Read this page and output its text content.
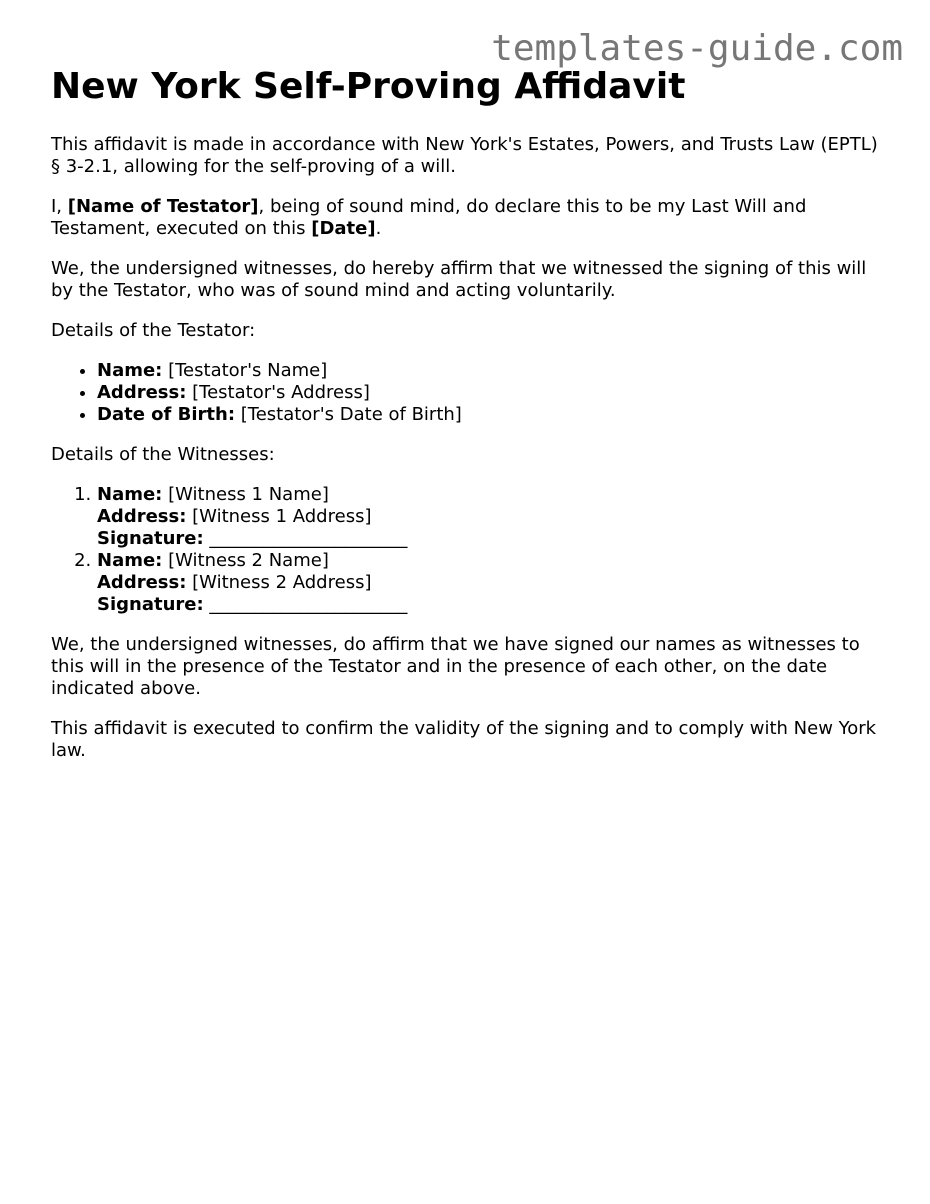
templates-guide.com
New York Self-Proving Affidavit

This affidavit is made in accordance with New York's Estates, Powers, and Trusts Law (EPTL) § 3-2.1, allowing for the self-proving of a will.

I, [Name of Testator], being of sound mind, do declare this to be my Last Will and Testament, executed on this [Date].

We, the undersigned witnesses, do hereby affirm that we witnessed the signing of this will by the Testator, who was of sound mind and acting voluntarily.

Details of the Testator:

• Name: [Testator's Name]
• Address: [Testator's Address]
• Date of Birth: [Testator's Date of Birth]

Details of the Witnesses:

1. Name: [Witness 1 Name]
Address: [Witness 1 Address]
Signature: ______________________
2. Name: [Witness 2 Name]
Address: [Witness 2 Address]
Signature: ______________________

We, the undersigned witnesses, do affirm that we have signed our names as witnesses to this will in the presence of the Testator and in the presence of each other, on the date indicated above.

This affidavit is executed to confirm the validity of the signing and to comply with New York law.
